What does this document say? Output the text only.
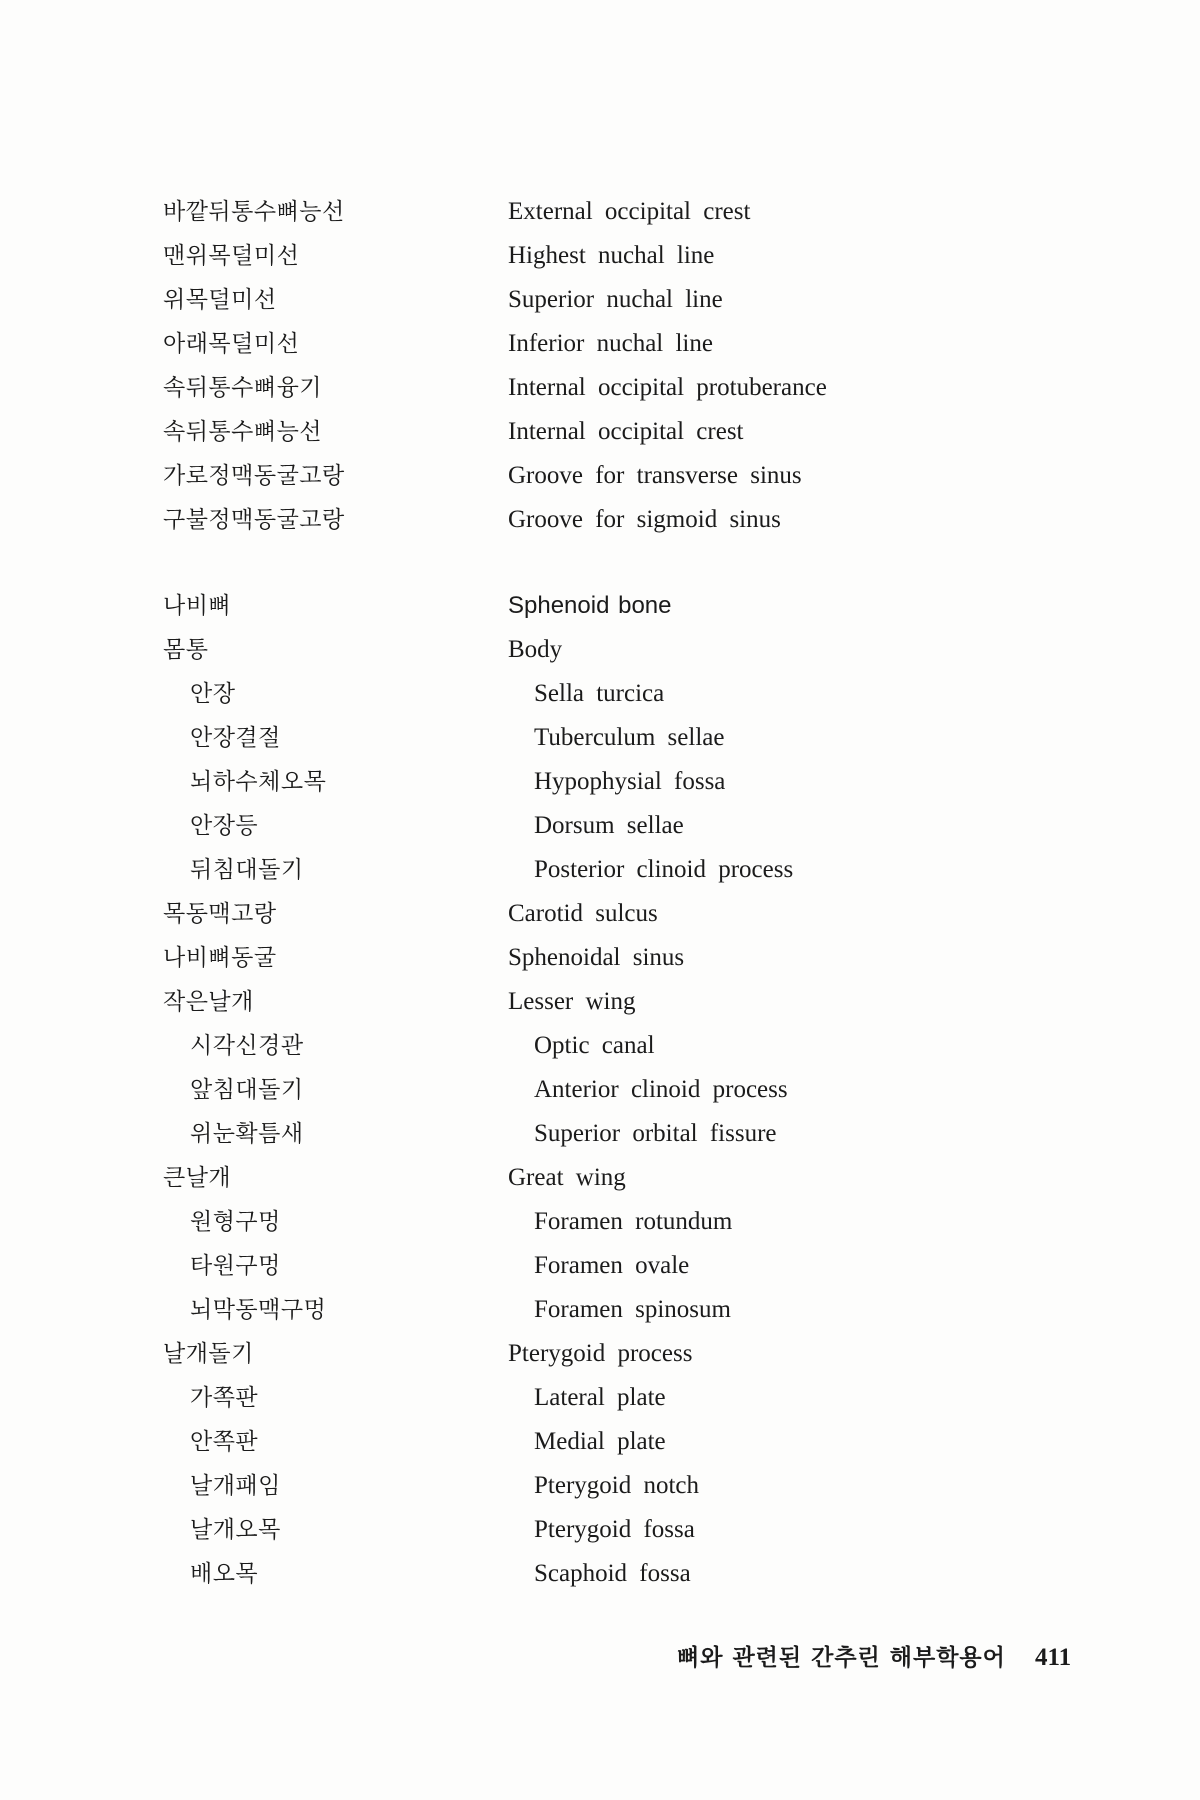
바깥뒤통수뼈능선	External occipital crest
맨위목덜미선	Highest nuchal line
위목덜미선	Superior nuchal line
아래목덜미선	Inferior nuchal line
속뒤통수뼈융기	Internal occipital protuberance
속뒤통수뼈능선	Internal occipital crest
가로정맥동굴고랑	Groove for transverse sinus
구불정맥동굴고랑	Groove for sigmoid sinus
나비뼈	Sphenoid bone
몸통	Body
안장	Sella turcica
안장결절	Tuberculum sellae
뇌하수체오목	Hypophysial fossa
안장등	Dorsum sellae
뒤침대돌기	Posterior clinoid process
목동맥고랑	Carotid sulcus
나비뼈동굴	Sphenoidal sinus
작은날개	Lesser wing
시각신경관	Optic canal
앞침대돌기	Anterior clinoid process
위눈확틈새	Superior orbital fissure
큰날개	Great wing
원형구멍	Foramen rotundum
타원구멍	Foramen ovale
뇌막동맥구멍	Foramen spinosum
날개돌기	Pterygoid process
가쪽판	Lateral plate
안쪽판	Medial plate
날개패임	Pterygoid notch
날개오목	Pterygoid fossa
배오목	Scaphoid fossa
뼈와 관련된 간추린 해부학용어 411
